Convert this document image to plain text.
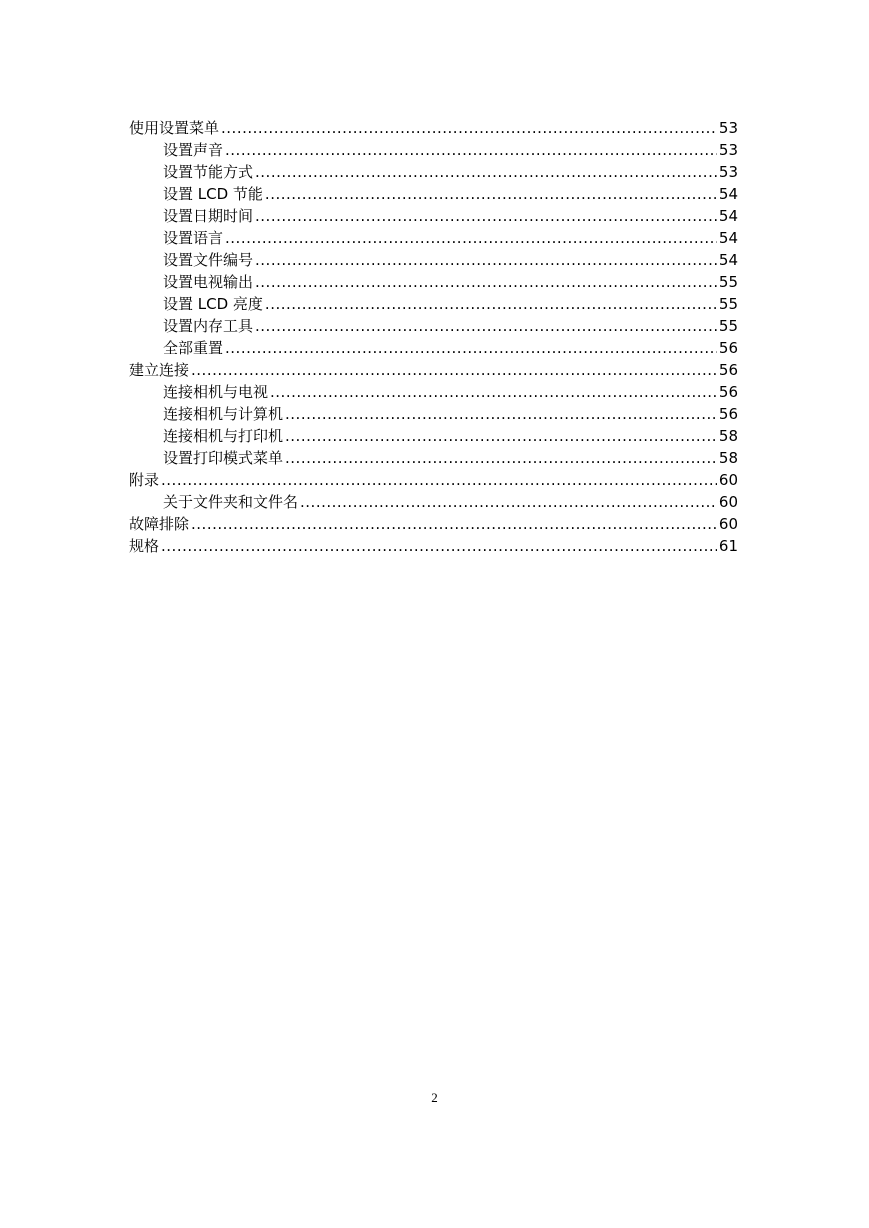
使用设置菜单 .....	53
设置声音 .....	53
设置节能方式 .....	53
设置 LCD 节能 .....	54
设置日期时间 .....	54
设置语言 .....	54
设置文件编号 .....	54
设置电视输出 .....	55
设置 LCD 亮度 .....	55
设置内存工具 .....	55
全部重置 .....	56
建立连接 .....	56
连接相机与电视 .....	56
连接相机与计算机 .....	56
连接相机与打印机 .....	58
设置打印模式菜单 .....	58
附录 .....	60
关于文件夹和文件名 .....	60
故障排除 .....	60
规格 .....	61
2
